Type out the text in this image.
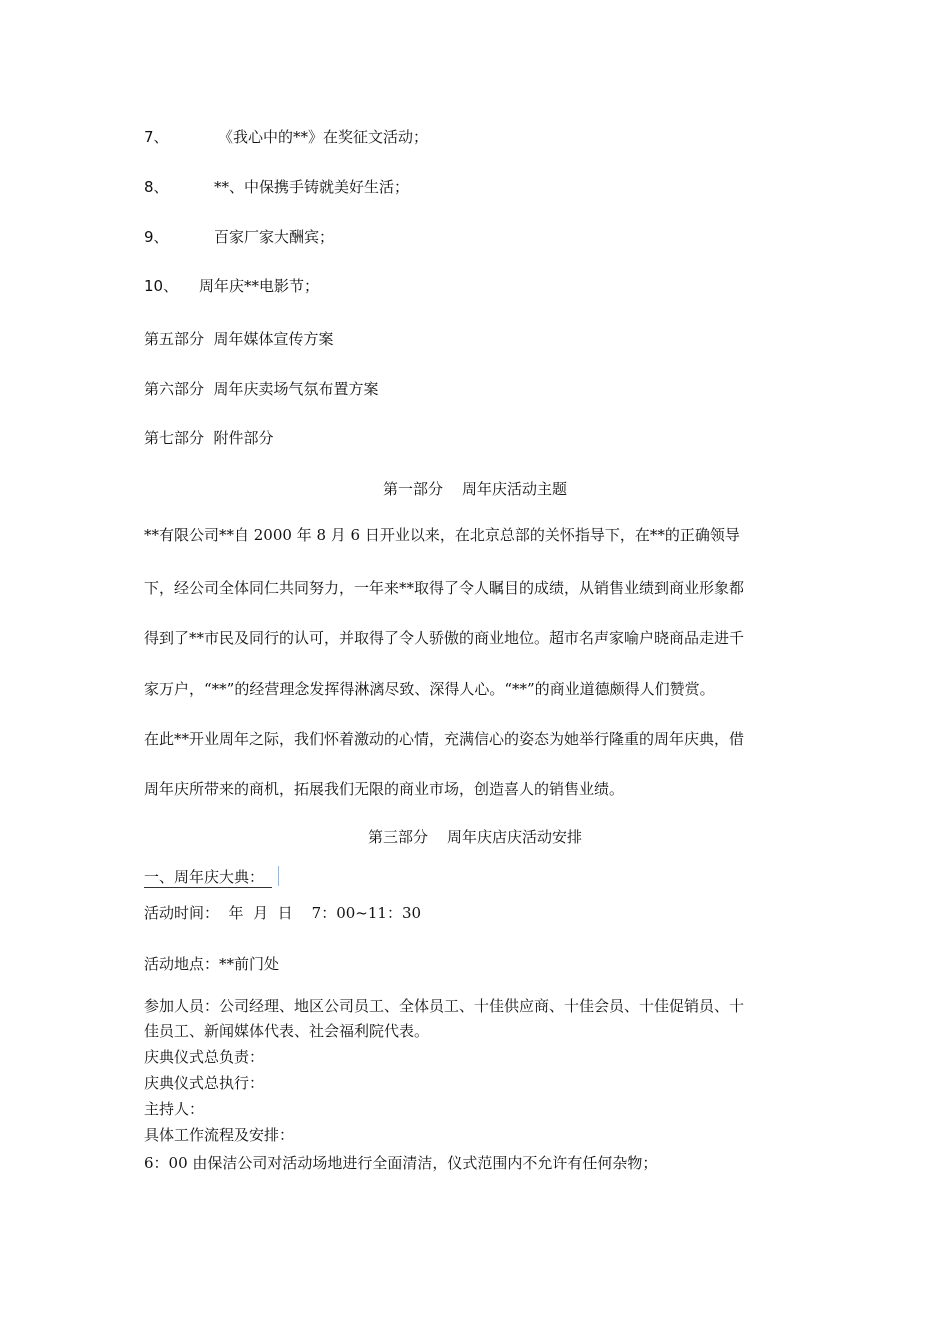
7、	《我心中的**》在奖征文活动；
8、	**、中保携手铸就美好生活；
9、	百家厂家大酬宾；
10、 周年庆**电影节；
第五部分  周年媒体宣传方案
第六部分  周年庆卖场气氛布置方案
第七部分  附件部分
第一部分    周年庆活动主题
**有限公司**自 2000 年 8 月 6 日开业以来，在北京总部的关怀指导下，在**的正确领导
下，经公司全体同仁共同努力，一年来**取得了令人瞩目的成绩，从销售业绩到商业形象都
得到了**市民及同行的认可，并取得了令人骄傲的商业地位。超市名声家喻户晓商品走进千
家万户，“**”的经营理念发挥得淋漓尽致、深得人心。“**”的商业道德颇得人们赞赏。
在此**开业周年之际，我们怀着激动的心情，充满信心的姿态为她举行隆重的周年庆典，借
周年庆所带来的商机，拓展我们无限的商业市场，创造喜人的销售业绩。
第三部分    周年庆店庆活动安排
一、周年庆大典：
活动时间：  年  月  日    7：00~11：30
活动地点：**前门处
参加人员：公司经理、地区公司员工、全体员工、十佳供应商、十佳会员、十佳促销员、十
佳员工、新闻媒体代表、社会福利院代表。
庆典仪式总负责：
庆典仪式总执行：
主持人：
具体工作流程及安排：
6：00 由保洁公司对活动场地进行全面清洁，仪式范围内不允许有任何杂物；
